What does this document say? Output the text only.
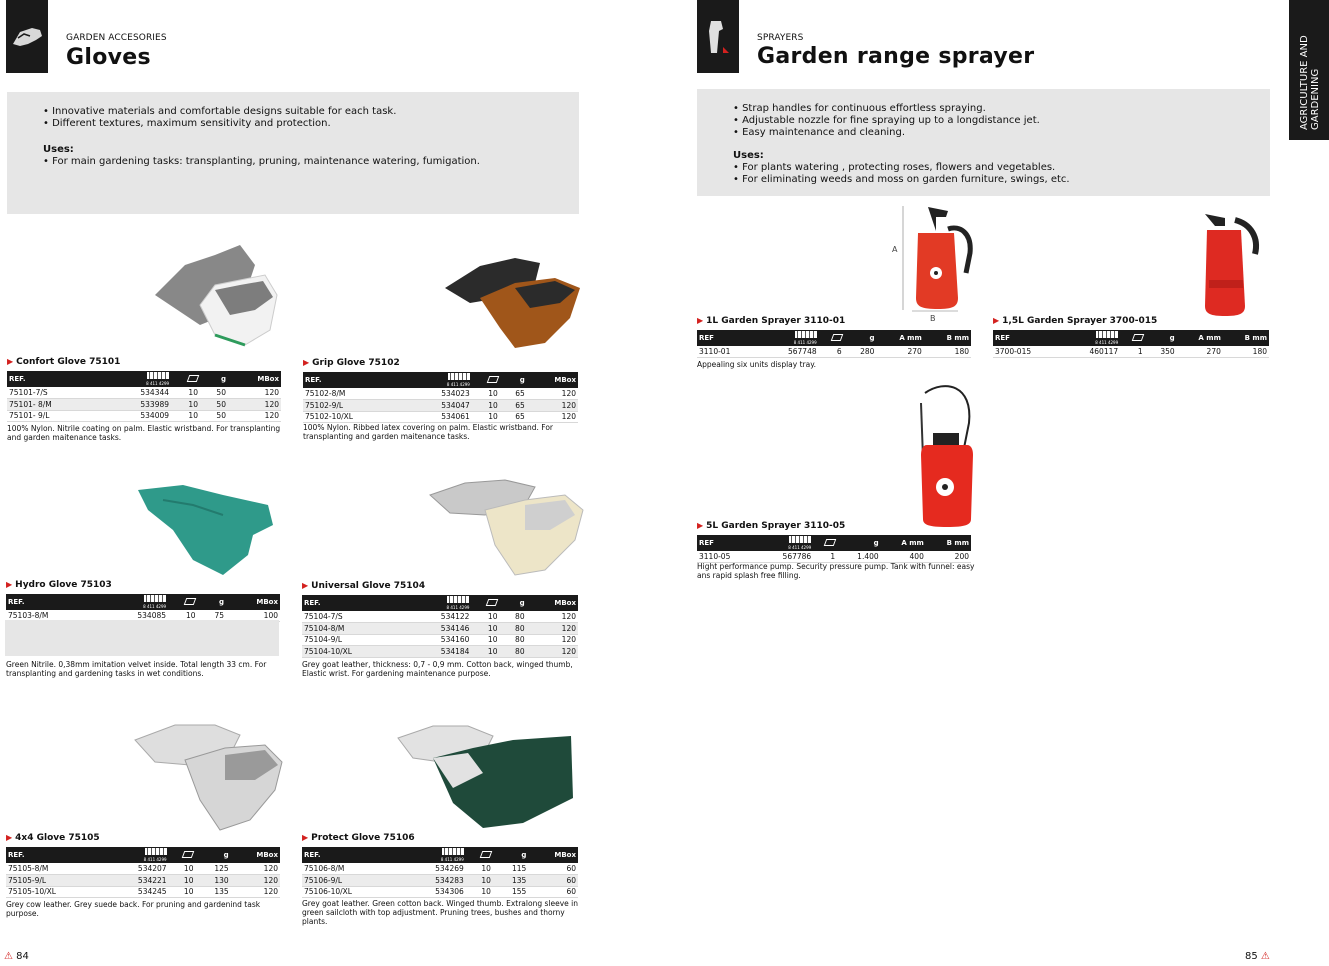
GARDEN ACCESORIES
Gloves
• Innovative materials and comfortable designs suitable for each task.
• Different textures, maximum sensitivity and protection.
Uses:
• For main gardening tasks: transplanting, pruning, maintenance watering, fumigation.
▶ Confort Glove 75101
REF.	8 411 4299		g	MBox
75101-7/S	534344	10	50	120
75101- 8/M	533989	10	50	120
75101- 9/L	534009	10	50	120
100% Nylon. Nitrile coating on palm. Elastic wristband. For transplanting and garden maitenance tasks.
▶ Grip Glove 75102
REF.	8 411 4299		g	MBox
75102-8/M	534023	10	65	120
75102-9/L	534047	10	65	120
75102-10/XL	534061	10	65	120
100% Nylon. Ribbed latex covering on palm. Elastic wristband. For transplanting and garden maitenance tasks.
▶ Hydro Glove 75103
REF.	8 411 4299		g	MBox
75103-8/M	534085	10	75	100
Green Nitrile. 0,38mm imitation velvet inside. Total length 33 cm. For transplanting and gardening tasks in wet conditions.
▶ Universal Glove 75104
REF.	8 411 4299		g	MBox
75104-7/S	534122	10	80	120
75104-8/M	534146	10	80	120
75104-9/L	534160	10	80	120
75104-10/XL	534184	10	80	120
Grey goat leather, thickness: 0,7 - 0,9 mm. Cotton back, winged thumb, Elastic wrist. For gardening maintenance purpose.
▶ 4x4 Glove 75105
REF.	8 411 4299		g	MBox
75105-8/M	534207	10	125	120
75105-9/L	534221	10	130	120
75105-10/XL	534245	10	135	120
Grey cow leather. Grey suede back. For pruning and gardenind task purpose.
▶ Protect Glove 75106
REF.	8 411 4299		g	MBox
75106-8/M	534269	10	115	60
75106-9/L	534283	10	135	60
75106-10/XL	534306	10	155	60
Grey goat leather. Green cotton back. Winged thumb. Extralong sleeve in green sailcloth with top adjustment. Pruning trees, bushes and thorny plants.
⚠ 84
SPRAYERS
Garden range sprayer
• Strap handles for continuous effortless spraying.
• Adjustable nozzle for fine spraying up to a longdistance jet.
• Easy maintenance and cleaning.
Uses:
• For plants watering , protecting roses, flowers and vegetables.
• For eliminating weeds and moss on garden furniture, swings, etc.
AGRICULTURE AND GARDENING
A
B
▶ 1L Garden Sprayer 3110-01
REF	8 411 4299		g	A mm	B mm
3110-01	567748	6	280	270	180
Appealing six units display tray.
▶ 1,5L Garden Sprayer 3700-015
REF	8 411 4299		g	A mm	B mm
3700-015	460117	1	350	270	180
▶ 5L Garden Sprayer 3110-05
REF	8 411 4299		g	A mm	B mm
3110-05	567786	1	1.400	400	200
Hight performance pump. Security pressure pump. Tank with funnel: easy ans rapid splash free filling.
85 ⚠
